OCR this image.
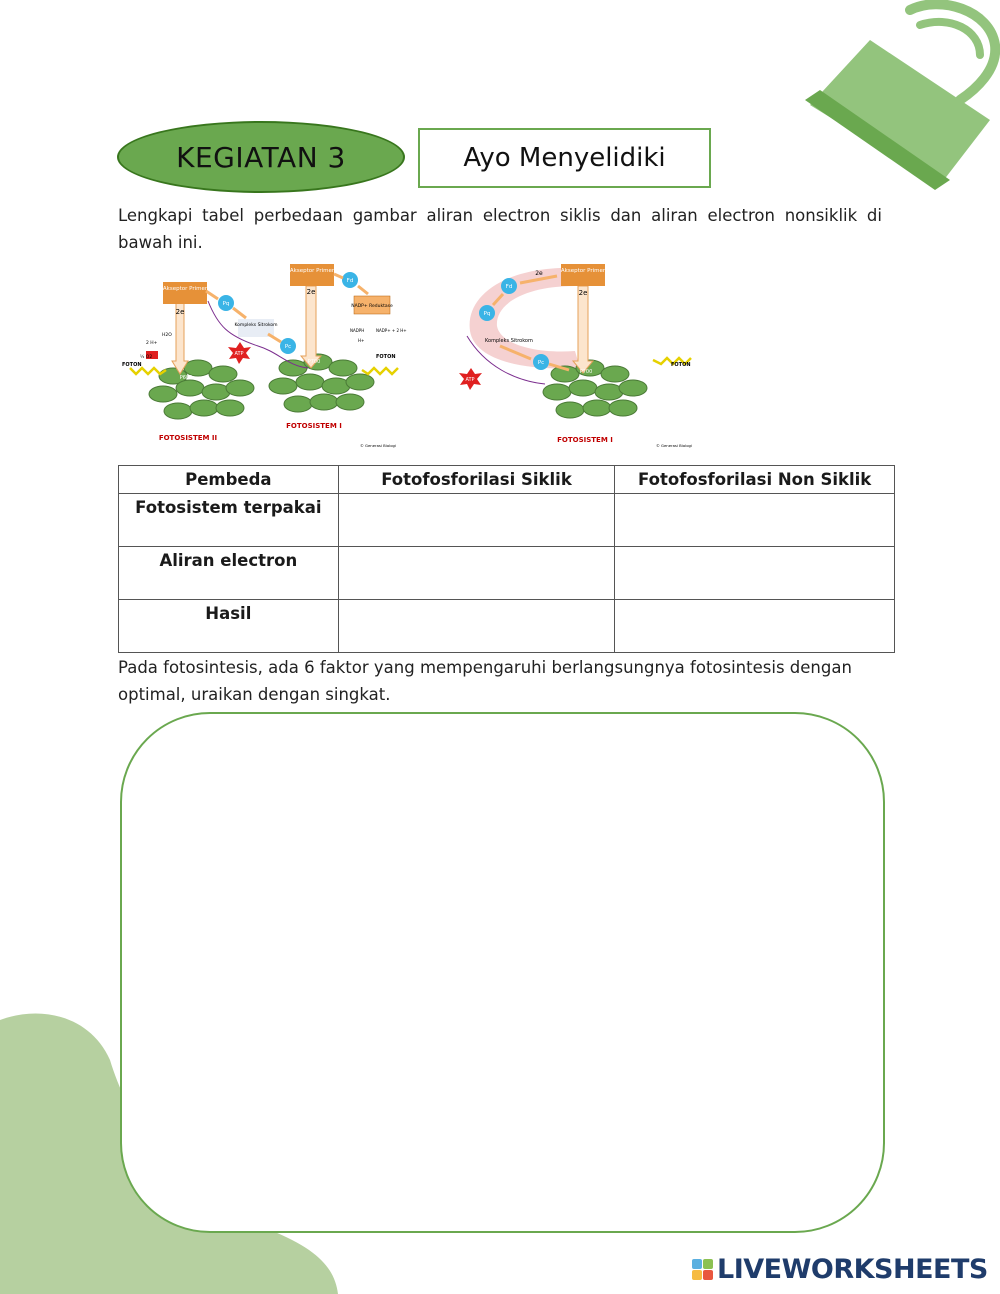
KEGIATAN 3	Ayo Menyelidiki

Lengkapi tabel perbedaan gambar aliran electron siklis dan aliran electron nonsiklik di bawah ini.

Akseptor Primer
Akseptor Primer
2e
2e
Pq
Fd
Pc
Kompleks Sitrokom
NADP+ Reduktase
ATP
FOTON
FOTON
P680
P700
H2O
2 H+
½ O2
NADPH	NADP+ + 2 H+
H+
FOTOSISTEM II
FOTOSISTEM I
© Generasi Biologi
Akseptor Primer
2e
2e
Fd
Pq
Kompleks Sitrokom
Pc
ATP
FOTON
P700
FOTOSISTEM I
© Generasi Biologi
Pembeda	Fotofosforilasi Siklik	Fotofosforilasi Non Siklik
Fotosistem terpakai		
Aliran electron		
Hasil		

Pada fotosintesis, ada 6 faktor yang mempengaruhi berlangsungnya fotosintesis dengan optimal, uraikan dengan singkat.

LIVEWORKSHEETS
